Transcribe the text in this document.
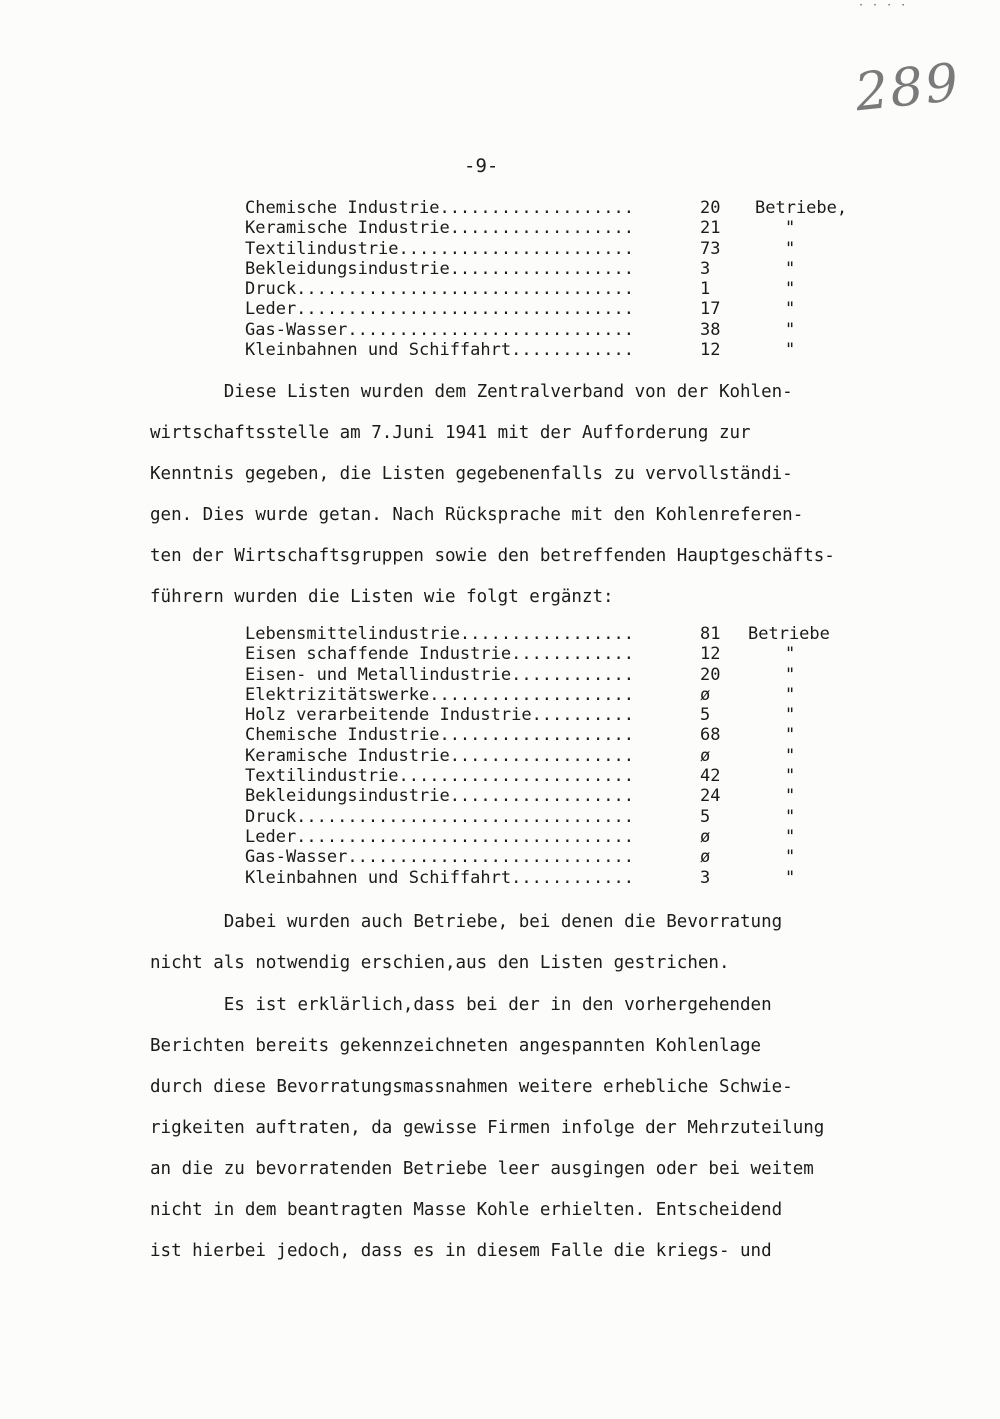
· · · ·
289
-9-
Chemische Industrie...................	20	Betriebe,
Keramische Industrie..................	21	"
Textilindustrie.......................	73	"
Bekleidungsindustrie..................	3	"
Druck.................................	1	"
Leder.................................	17	"
Gas-Wasser............................	38	"
Kleinbahnen und Schiffahrt............	12	"
Diese Listen wurden dem Zentralverband von der Kohlen-
wirtschaftsstelle am 7.Juni 1941 mit der Aufforderung zur
Kenntnis gegeben, die Listen gegebenenfalls zu vervollständi-
gen. Dies wurde getan. Nach Rücksprache mit den Kohlenreferen-
ten der Wirtschaftsgruppen sowie den betreffenden Hauptgeschäfts-
führern wurden die Listen wie folgt ergänzt:
Lebensmittelindustrie.................	81	Betriebe
Eisen schaffende Industrie............	12	"
Eisen- und Metallindustrie............	20	"
Elektrizitätswerke....................	ø	"
Holz verarbeitende Industrie..........	5	"
Chemische Industrie...................	68	"
Keramische Industrie..................	ø	"
Textilindustrie.......................	42	"
Bekleidungsindustrie..................	24	"
Druck.................................	5	"
Leder.................................	ø	"
Gas-Wasser............................	ø	"
Kleinbahnen und Schiffahrt............	3	"
Dabei wurden auch Betriebe, bei denen die Bevorratung
nicht als notwendig erschien,aus den Listen gestrichen.
Es ist erklärlich,dass bei der in den vorhergehenden
Berichten bereits gekennzeichneten angespannten Kohlenlage
durch diese Bevorratungsmassnahmen weitere erhebliche Schwie-
rigkeiten auftraten, da gewisse Firmen infolge der Mehrzuteilung
an die zu bevorratenden Betriebe leer ausgingen oder bei weitem
nicht in dem beantragten Masse Kohle erhielten. Entscheidend
ist hierbei jedoch, dass es in diesem Falle die kriegs- und
